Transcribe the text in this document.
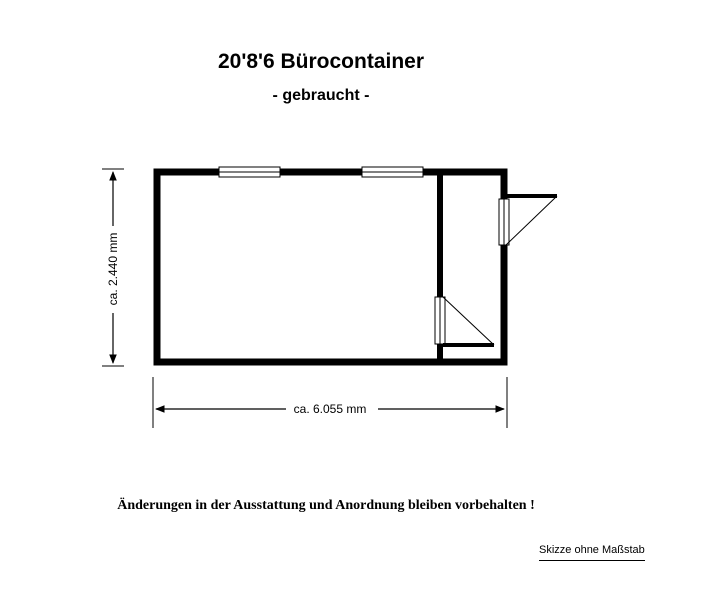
20'8'6 Bürocontainer
- gebraucht -
ca. 2.440 mm
ca. 6.055 mm
Änderungen in der Ausstattung und Anordnung bleiben vorbehalten !
Skizze ohne Maßstab
